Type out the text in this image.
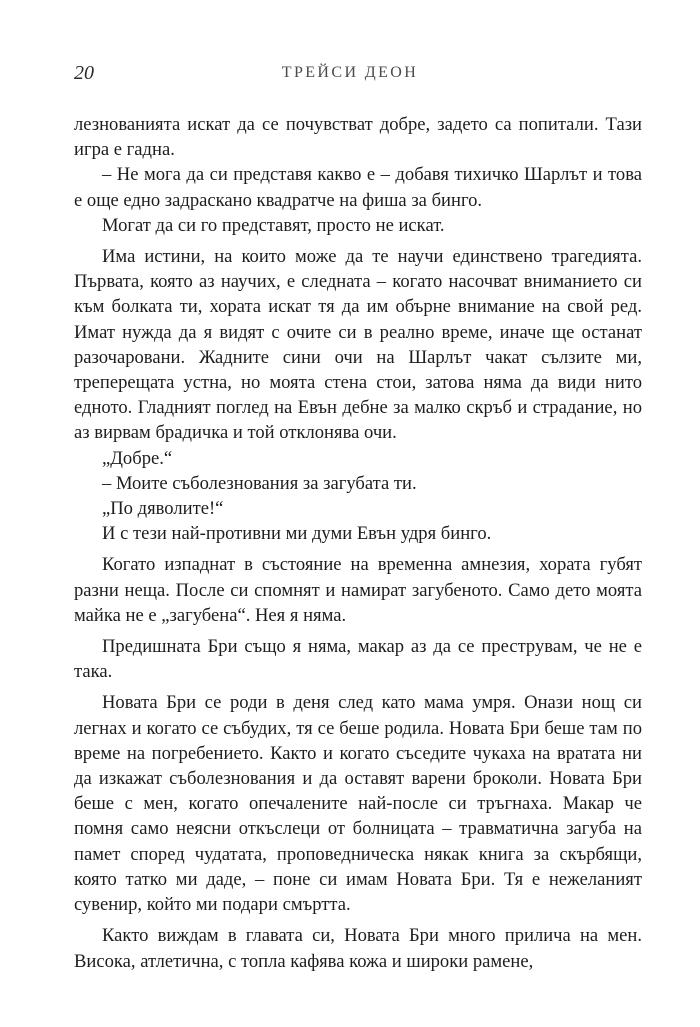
20	ТРЕЙСИ ДЕОН

лезнованията искат да се почувстват добре, задето са попитали. Тази игра е гадна.

– Не мога да си представя какво е – добавя тихичко Шарлът и това е още едно задраскано квадратче на фиша за бинго.

Могат да си го представят, просто не искат.

Има истини, на които може да те научи единствено трагедията. Първата, която аз научих, е следната – когато насочват вниманието си към болката ти, хората искат тя да им обърне внимание на свой ред. Имат нужда да я видят с очите си в реално време, иначе ще останат разочаровани. Жадните сини очи на Шарлът чакат сълзите ми, треперещата устна, но моята стена стои, затова няма да види нито едното. Гладният поглед на Евън дебне за малко скръб и страдание, но аз вирвам брадичка и той отклонява очи.

„Добре.“

– Моите съболезнования за загубата ти.

„По дяволите!“

И с тези най-противни ми думи Евън удря бинго.

Когато изпаднат в състояние на временна амнезия, хората губят разни неща. После си спомнят и намират загубеното. Само дето моята майка не е „загубена“. Нея я няма.

Предишната Бри също я няма, макар аз да се преструвам, че не е така.

Новата Бри се роди в деня след като мама умря. Онази нощ си легнах и когато се събудих, тя се беше родила. Новата Бри беше там по време на погребението. Както и когато съседите чукаха на вратата ни да изкажат съболезнования и да оставят варени броколи. Новата Бри беше с мен, когато опечалените най-после си тръгнаха. Макар че помня само неясни откъслеци от болницата – травматична загуба на памет според чудатата, проповедническа някак книга за скърбящи, която татко ми даде, – поне си имам Новата Бри. Тя е нежеланият сувенир, който ми подари смъртта.

Както виждам в главата си, Новата Бри много прилича на мен. Висока, атлетична, с топла кафява кожа и широки рамене,
